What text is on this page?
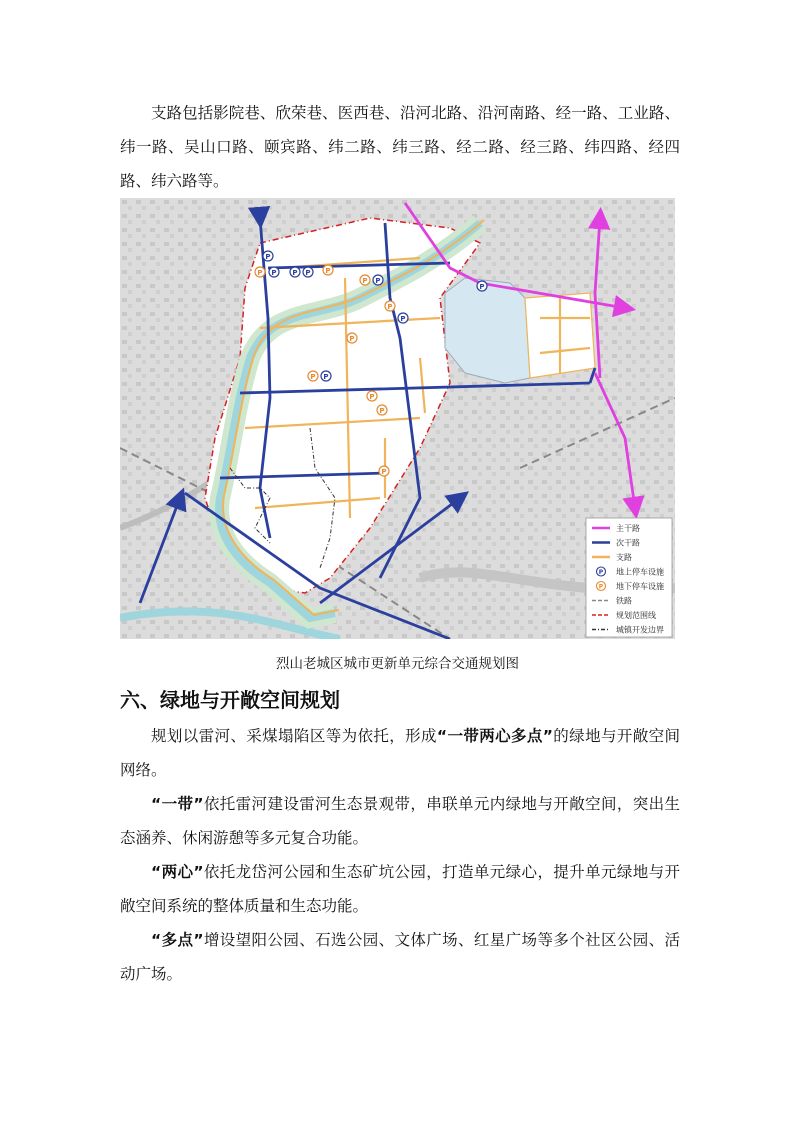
支路包括影院巷、欣荣巷、医西巷、沿河北路、沿河南路、经一路、工业路、纬一路、吴山口路、颐宾路、纬二路、纬三路、经二路、经三路、纬四路、经四路、纬六路等。

P
P P P P P
P P
P
P
P
P P
P
P
P
P
主干路
次干路
支路
P 地上停车设施
P 地下停车设施
铁路
规划范围线
城镇开发边界
烈山老城区城市更新单元综合交通规划图
六、绿地与开敞空间规划

规划以雷河、采煤塌陷区等为依托，形成“一带两心多点”的绿地与开敞空间网络。

“一带”依托雷河建设雷河生态景观带，串联单元内绿地与开敞空间，突出生态涵养、休闲游憩等多元复合功能。

“两心”依托龙岱河公园和生态矿坑公园，打造单元绿心，提升单元绿地与开敞空间系统的整体质量和生态功能。

“多点”增设望阳公园、石选公园、文体广场、红星广场等多个社区公园、活动广场。
